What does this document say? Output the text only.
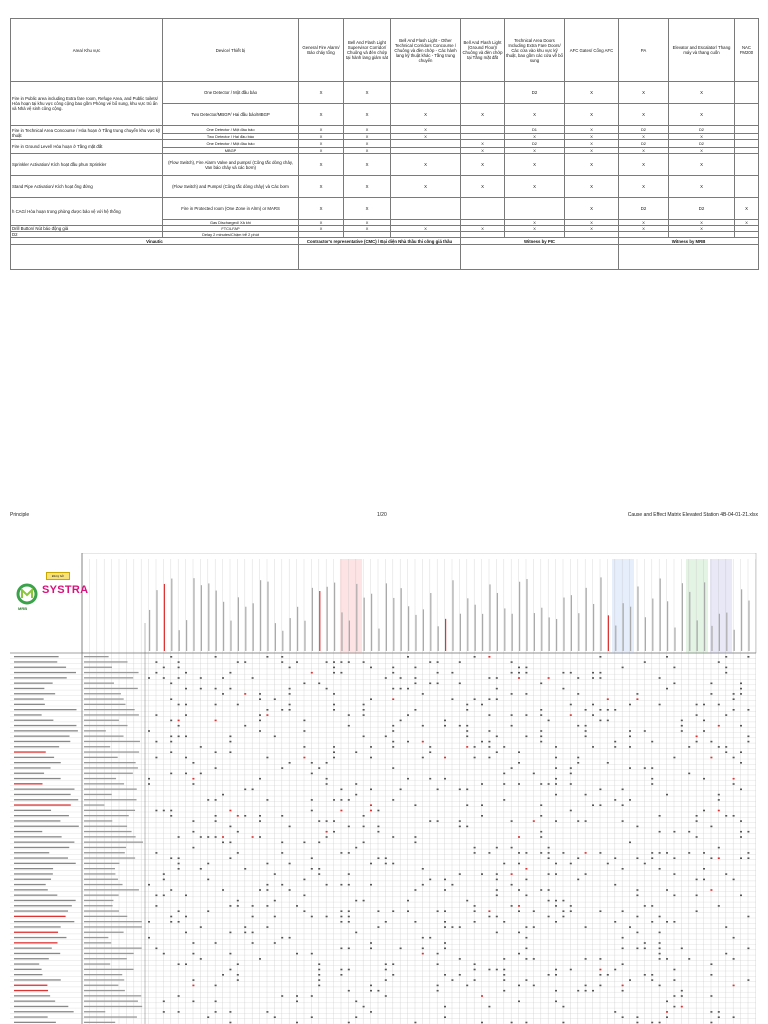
Area/ Khu vực	Device/ Thiết bị	General Fire Alarm/ Báo cháy tổng	Bell And Flash Light Supervisor Corridor/ Chuông và đèn chớp tại hành lang giám sát	Bell And Flash Light - Other Technical Corridors Concourse / Chuông và đèn chớp - Các hành lang kỹ thuật khác - Tầng trung chuyển	Bell And Flash Light (Ground Floor)/ Chuông và đèn chớp tại Tầng mặt đất	Technical Area Doors Including Extra Fare Doors/ Các cửa vào khu vực kỹ thuật, bao gồm các cửa về bổ sung	AFC Gates/ Cổng AFC	PA	Elevator and Escalator/ Thang máy và thang cuốn	NAC FM200
Fire in Public area including Extra fare room, Refuge Area, and Public toilets/ Hỏa hoạn tại khu vực công cộng bao gồm Phòng vé bổ sung, khu vực trú ẩn và Nhà vệ sinh công cộng.	One Detector / Một đầu báo	X	X			D2	X	X	X	
	Two Detector/MBGP/ Hai đầu báo/MBGP	X	X	X	X	X	X	X	X	
Fire in Technical Area Concourse / Hỏa hoạn ở Tầng trung chuyển khu vực kỹ thuật	One Detector / Một đầu báo	X	X	X		D1	X	D2	D2	
	Two Detector / Hai đầu báo	X	X	X		X	X	X	X	
Fire in Ground Level/ Hỏa hoạn ở Tầng mặt đất	One Detector / Một đầu báo	X	X		X	D2	X	D2	D2	
	MBGP	X	X		X	X	X	X	X	
Sprinkler Activation/ Kích hoạt đầu phun Sprinkler	(Flow Switch), Fire Alarm Valve and pumps/ (Công tắc dòng chảy, Van báo cháy và các bơm)	X	X	X	X	X	X	X	X	
Stand Pipe Activation/ Kích hoạt ống đứng	(Flow Switch) and Pumps/ (Công tắc dòng chảy) và Các bơm	X	X	X	X	X	X	X	X	
h CAG/ Hỏa hoạn trong phòng được bảo vệ với hệ thống	Fire in Protected room (One Zone in Alrm) or MARS	X	X				X	D2	D2	X
	Gas Discharged/ Xả khí	X	X			X	X	X	X	X
Drill Button/ Nút báo động giả	FTC/LFAP	X	X	X	X	X	X	X	X	
D2	Delay 2 minutes/Chậm trễ 2 phút									
Vinautic		Contractor's representative (CMC) / Đại diện Nhà thầu thi công giá thầu			Witness by PIC			Witness by MRB		

Principle	1/20	Cause and Effect Matrix Elevated Station 4B-04-01-21.xlsx
MRB
SYSTRA
Đã ký bởi
